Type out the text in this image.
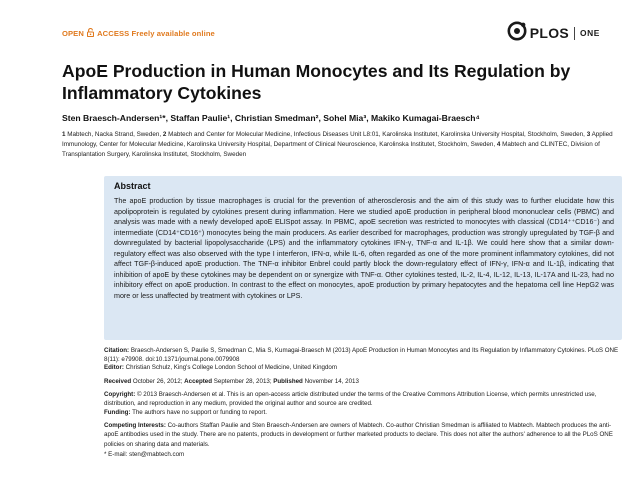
OPEN ACCESS Freely available online	PLOS ONE
ApoE Production in Human Monocytes and Its Regulation by Inflammatory Cytokines
Sten Braesch-Andersen¹*, Staffan Paulie¹, Christian Smedman², Sohel Mia³, Makiko Kumagai-Braesch⁴
1 Mabtech, Nacka Strand, Sweden, 2 Mabtech and Center for Molecular Medicine, Infectious Diseases Unit L8:01, Karolinska Institutet, Karolinska University Hospital, Stockholm, Sweden, 3 Applied Immunology, Center for Molecular Medicine, Karolinska University Hospital, Department of Clinical Neuroscience, Karolinska Institutet, Stockholm, Sweden, 4 Mabtech and CLINTEC, Division of Transplantation Surgery, Karolinska Institutet, Stockholm, Sweden
Abstract

The apoE production by tissue macrophages is crucial for the prevention of atherosclerosis and the aim of this study was to further elucidate how this apolipoprotein is regulated by cytokines present during inflammation. Here we studied apoE production in peripheral blood mononuclear cells (PBMC) and analysis was made with a newly developed apoE ELISpot assay. In PBMC, apoE secretion was restricted to monocytes with classical (CD14⁺⁺CD16⁻) and intermediate (CD14⁺CD16⁺) monocytes being the main producers. As earlier described for macrophages, production was strongly upregulated by TGF-β and downregulated by bacterial lipopolysaccharide (LPS) and the inflammatory cytokines IFN-γ, TNF-α and IL-1β. We could here show that a similar down-regulatory effect was also observed with the type I interferon, IFN-α, while IL-6, often regarded as one of the more prominent inflammatory cytokines, did not affect TGF-β-induced apoE production. The TNF-α inhibitor Enbrel could partly block the down-regulatory effect of IFN-γ, IFN-α and IL-1β, indicating that inhibition of apoE by these cytokines may be dependent on or synergize with TNF-α. Other cytokines tested, IL-2, IL-4, IL-12, IL-13, IL-17A and IL-23, had no inhibitory effect on apoE production. In contrast to the effect on monocytes, apoE production by primary hepatocytes and the hepatoma cell line HepG2 was more or less unaffected by treatment with cytokines or LPS.

Citation: Braesch-Andersen S, Paulie S, Smedman C, Mia S, Kumagai-Braesch M (2013) ApoE Production in Human Monocytes and Its Regulation by Inflammatory Cytokines. PLoS ONE 8(11): e79908. doi:10.1371/journal.pone.0079908
Editor: Christian Schulz, King's College London School of Medicine, United Kingdom
Received October 26, 2012; Accepted September 28, 2013; Published November 14, 2013
Copyright: © 2013 Braesch-Andersen et al. This is an open-access article distributed under the terms of the Creative Commons Attribution License, which permits unrestricted use, distribution, and reproduction in any medium, provided the original author and source are credited.
Funding: The authors have no support or funding to report.
Competing Interests: Co-authors Staffan Paulie and Sten Braesch-Andersen are owners of Mabtech. Co-author Christian Smedman is affiliated to Mabtech. Mabtech produces the anti-apoE antibodies used in the study. There are no patents, products in development or further marketed products to declare. This does not alter the authors' adherence to all the PLoS ONE policies on sharing data and materials.
* E-mail: sten@mabtech.com
